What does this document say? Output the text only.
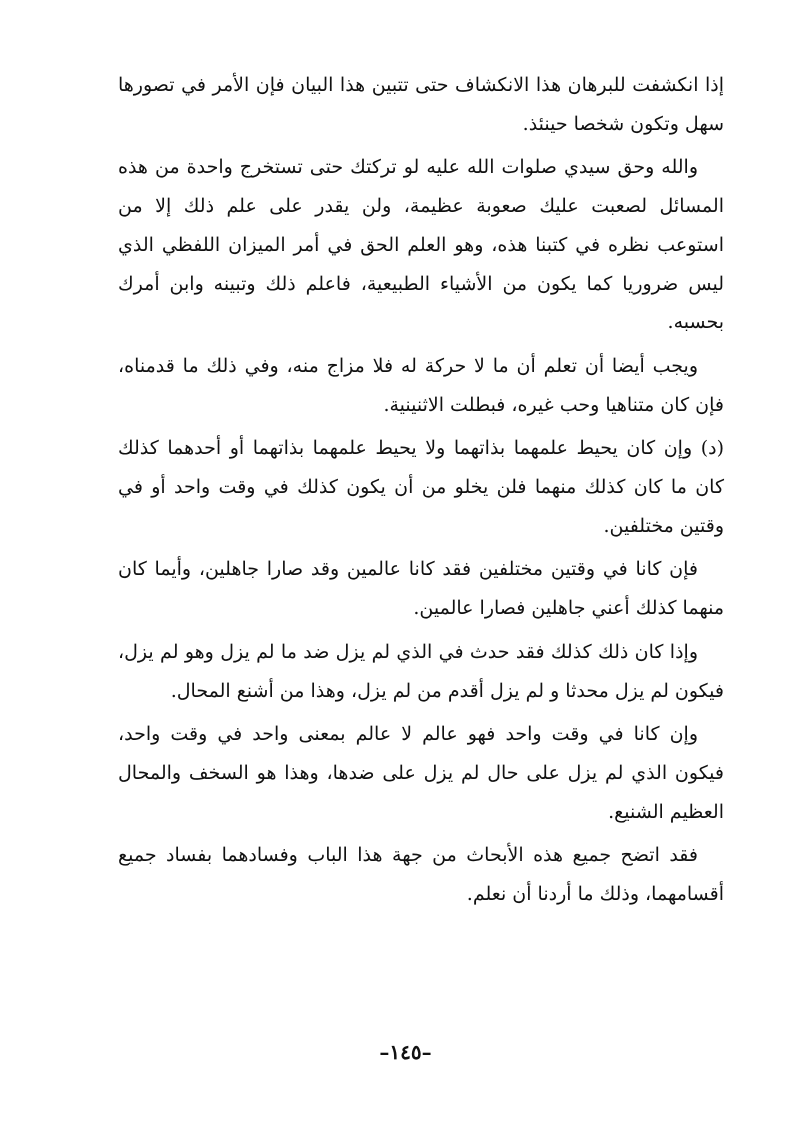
إذا انكشفت للبرهان هذا الانكشاف حتى تتبين هذا البيان فإن الأمر في تصورها سهل وتكون شخصا حينئذ.

والله وحق سيدي صلوات الله عليه لو تركتك حتى تستخرج واحدة من هذه المسائل لصعبت عليك صعوبة عظيمة، ولن يقدر على علم ذلك إلا من استوعب نظره في كتبنا هذه، وهو العلم الحق في أمر الميزان اللفظي الذي ليس ضروريا كما يكون من الأشياء الطبيعية، فاعلم ذلك وتبينه وابن أمرك بحسبه.

ويجب أيضا أن تعلم أن ما لا حركة له فلا مزاج منه، وفي ذلك ما قدمناه، فإن كان متناهيا وحب غيره، فبطلت الاثنينية.

(د) وإن كان يحيط علمهما بذاتهما ولا يحيط علمهما بذاتهما أو أحدهما كذلك كان ما كان كذلك منهما فلن يخلو من أن يكون كذلك في وقت واحد أو في وقتين مختلفين.

فإن كانا في وقتين مختلفين فقد كانا عالمين وقد صارا جاهلين، وأيما كان منهما كذلك أعني جاهلين فصارا عالمين.

وإذا كان ذلك كذلك فقد حدث في الذي لم يزل ضد ما لم يزل وهو لم يزل، فيكون لم يزل محدثا و لم يزل أقدم من لم يزل، وهذا من أشنع المحال.

وإن كانا في وقت واحد فهو عالم لا عالم بمعنى واحد في وقت واحد، فيكون الذي لم يزل على حال لم يزل على ضدها، وهذا هو السخف والمحال العظيم الشنيع.

فقد اتضح جميع هذه الأبحاث من جهة هذا الباب وفسادهما بفساد جميع أقسامهما، وذلك ما أردنا أن نعلم.

–١٤٥–
